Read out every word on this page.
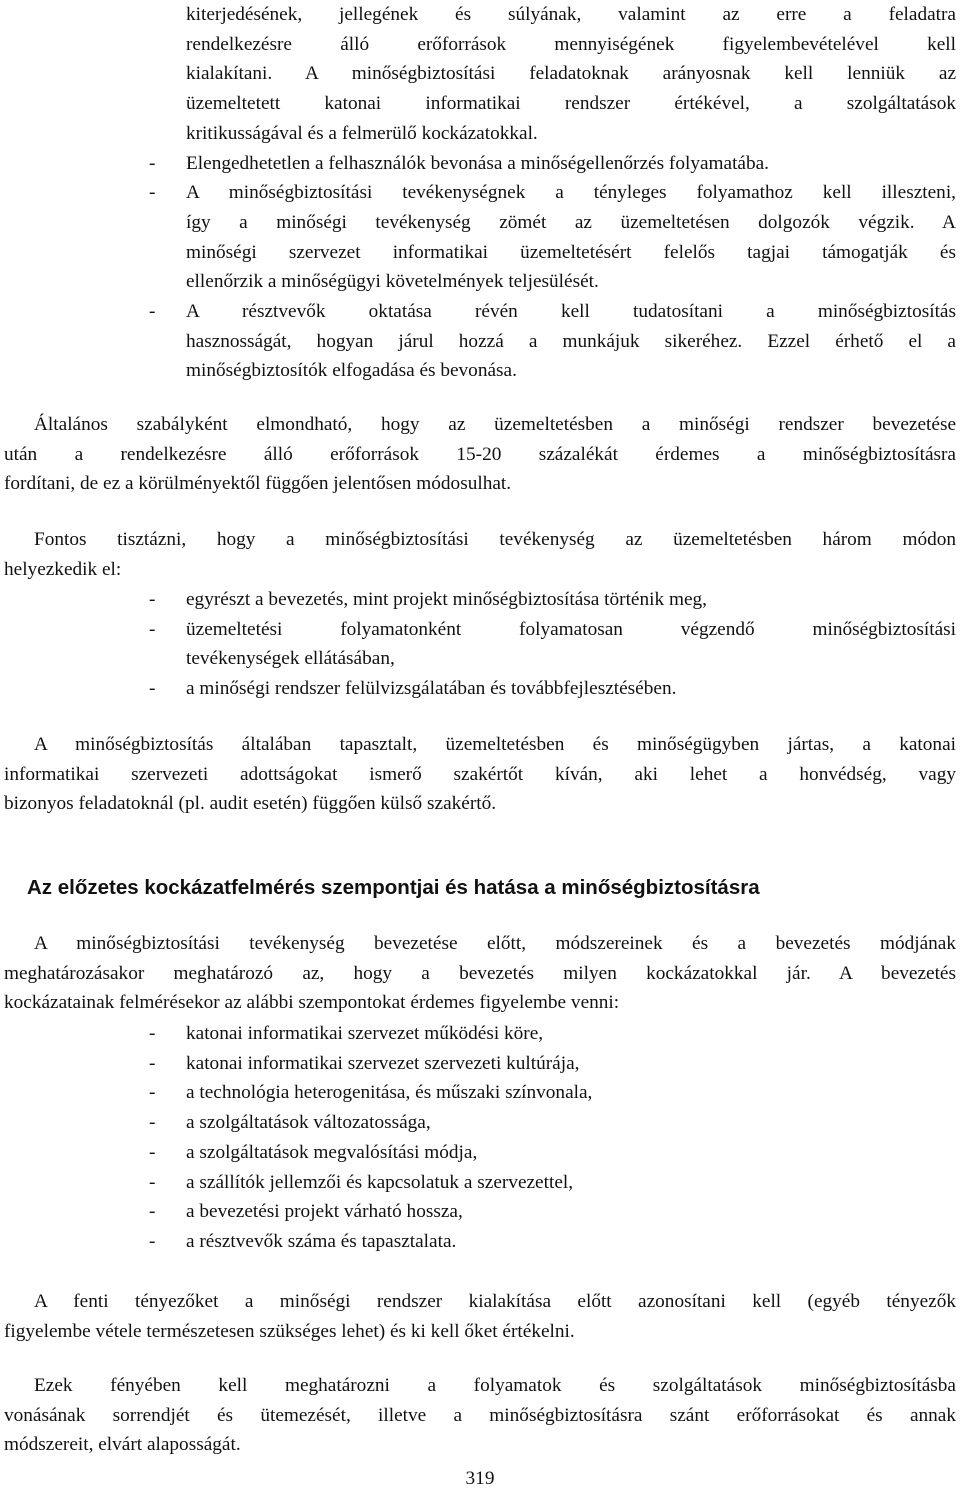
kiterjedésének, jellegének és súlyának, valamint az erre a feladatra
rendelkezésre álló erőforrások mennyiségének figyelembevételével kell
kialakítani. A minőségbiztosítási feladatoknak arányosnak kell lenniük az
üzemeltetett katonai informatikai rendszer értékével, a szolgáltatások
kritikusságával és a felmerülő kockázatokkal.
- Elengedhetetlen a felhasználók bevonása a minőségellenőrzés folyamatába.
- A minőségbiztosítási tevékenységnek a tényleges folyamathoz kell illeszteni,
így a minőségi tevékenység zömét az üzemeltetésen dolgozók végzik. A
minőségi szervezet informatikai üzemeltetésért felelős tagjai támogatják és
ellenőrzik a minőségügyi követelmények teljesülését.
- A résztvevők oktatása révén kell tudatosítani a minőségbiztosítás
hasznosságát, hogyan járul hozzá a munkájuk sikeréhez. Ezzel érhető el a
minőségbiztosítók elfogadása és bevonása.
Általános szabályként elmondható, hogy az üzemeltetésben a minőségi rendszer bevezetése
után a rendelkezésre álló erőforrások 15-20 százalékát érdemes a minőségbiztosításra
fordítani, de ez a körülményektől függően jelentősen módosulhat.
Fontos tisztázni, hogy a minőségbiztosítási tevékenység az üzemeltetésben három módon
helyezkedik el:
- egyrészt a bevezetés, mint projekt minőségbiztosítása történik meg,
- üzemeltetési folyamatonként folyamatosan végzendő minőségbiztosítási
tevékenységek ellátásában,
- a minőségi rendszer felülvizsgálatában és továbbfejlesztésében.
A minőségbiztosítás általában tapasztalt, üzemeltetésben és minőségügyben jártas, a katonai
informatikai szervezeti adottságokat ismerő szakértőt kíván, aki lehet a honvédség, vagy
bizonyos feladatoknál (pl. audit esetén) függően külső szakértő.
Az előzetes kockázatfelmérés szempontjai és hatása a minőségbiztosításra
A minőségbiztosítási tevékenység bevezetése előtt, módszereinek és a bevezetés módjának
meghatározásakor meghatározó az, hogy a bevezetés milyen kockázatokkal jár. A bevezetés
kockázatainak felmérésekor az alábbi szempontokat érdemes figyelembe venni:
- katonai informatikai szervezet működési köre,
- katonai informatikai szervezet szervezeti kultúrája,
- a technológia heterogenitása, és műszaki színvonala,
- a szolgáltatások változatossága,
- a szolgáltatások megvalósítási módja,
- a szállítók jellemzői és kapcsolatuk a szervezettel,
- a bevezetési projekt várható hossza,
- a résztvevők száma és tapasztalata.
A fenti tényezőket a minőségi rendszer kialakítása előtt azonosítani kell (egyéb tényezők
figyelembe vétele természetesen szükséges lehet) és ki kell őket értékelni.
Ezek fényében kell meghatározni a folyamatok és szolgáltatások minőségbiztosításba
vonásának sorrendjét és ütemezését, illetve a minőségbiztosításra szánt erőforrásokat és annak
módszereit, elvárt alaposságát.
319
